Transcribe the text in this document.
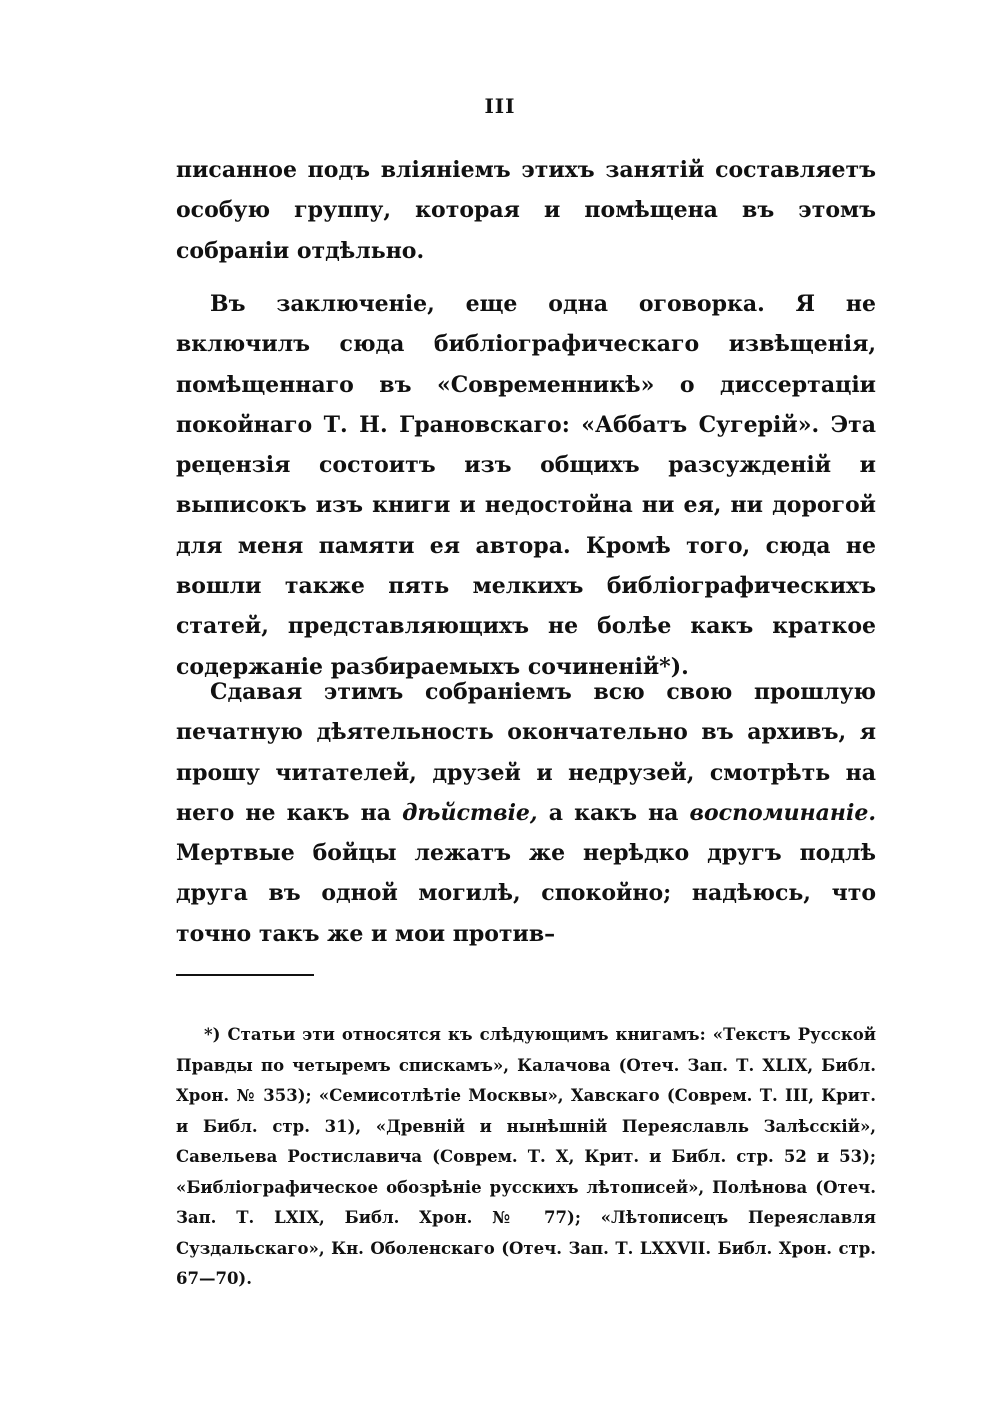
III

писанное подъ вліяніемъ этихъ занятій составляетъ особую группу, которая и помѣщена въ этомъ собраніи отдѣльно.

Въ заключеніе, еще одна оговорка. Я не включилъ сюда библіографическаго извѣщенія, помѣщеннаго въ «Современникѣ» о диссертаціи покойнаго Т. Н. Грановскаго: «Аббатъ Сугерій». Эта рецензія состоитъ изъ общихъ разсужденій и выписокъ изъ книги и недостойна ни ея, ни дорогой для меня памяти ея автора. Кромѣ того, сюда не вошли также пять мелкихъ библіографическихъ статей, представляющихъ не болѣе какъ краткое содержаніе разбираемыхъ сочиненій*).

Сдавая этимъ собраніемъ всю свою прошлую печатную дѣятельность окончательно въ архивъ, я прошу читателей, друзей и недрузей, смотрѣть на него не какъ на дѣйствіе, а какъ на воспоминаніе. Мертвые бойцы лежатъ же нерѣдко другъ подлѣ друга въ одной могилѣ, спокойно; надѣюсь, что точно такъ же и мои против–

*) Статьи эти относятся къ слѣдующимъ книгамъ: «Текстъ Русской Правды по четыремъ спискамъ», Калачова (Отеч. Зап. Т. XLIX, Библ. Хрон. № 353); «Семисотлѣтіе Москвы», Хавскаго (Соврем. Т. III, Крит. и Библ. стр. 31), «Древній и нынѣшній Переяславль Залѣсскій», Савельева Ростиславича (Соврем. Т. X, Крит. и Библ. стр. 52 и 53); «Библіографическое обозрѣніе русскихъ лѣтописей», Полѣнова (Отеч. Зап. Т. LXIX, Библ. Хрон. № 77); «Лѣтописецъ Переяславля Суздальскаго», Кн. Оболенскаго (Отеч. Зап. Т. LXXVII. Библ. Хрон. стр. 67—70).
